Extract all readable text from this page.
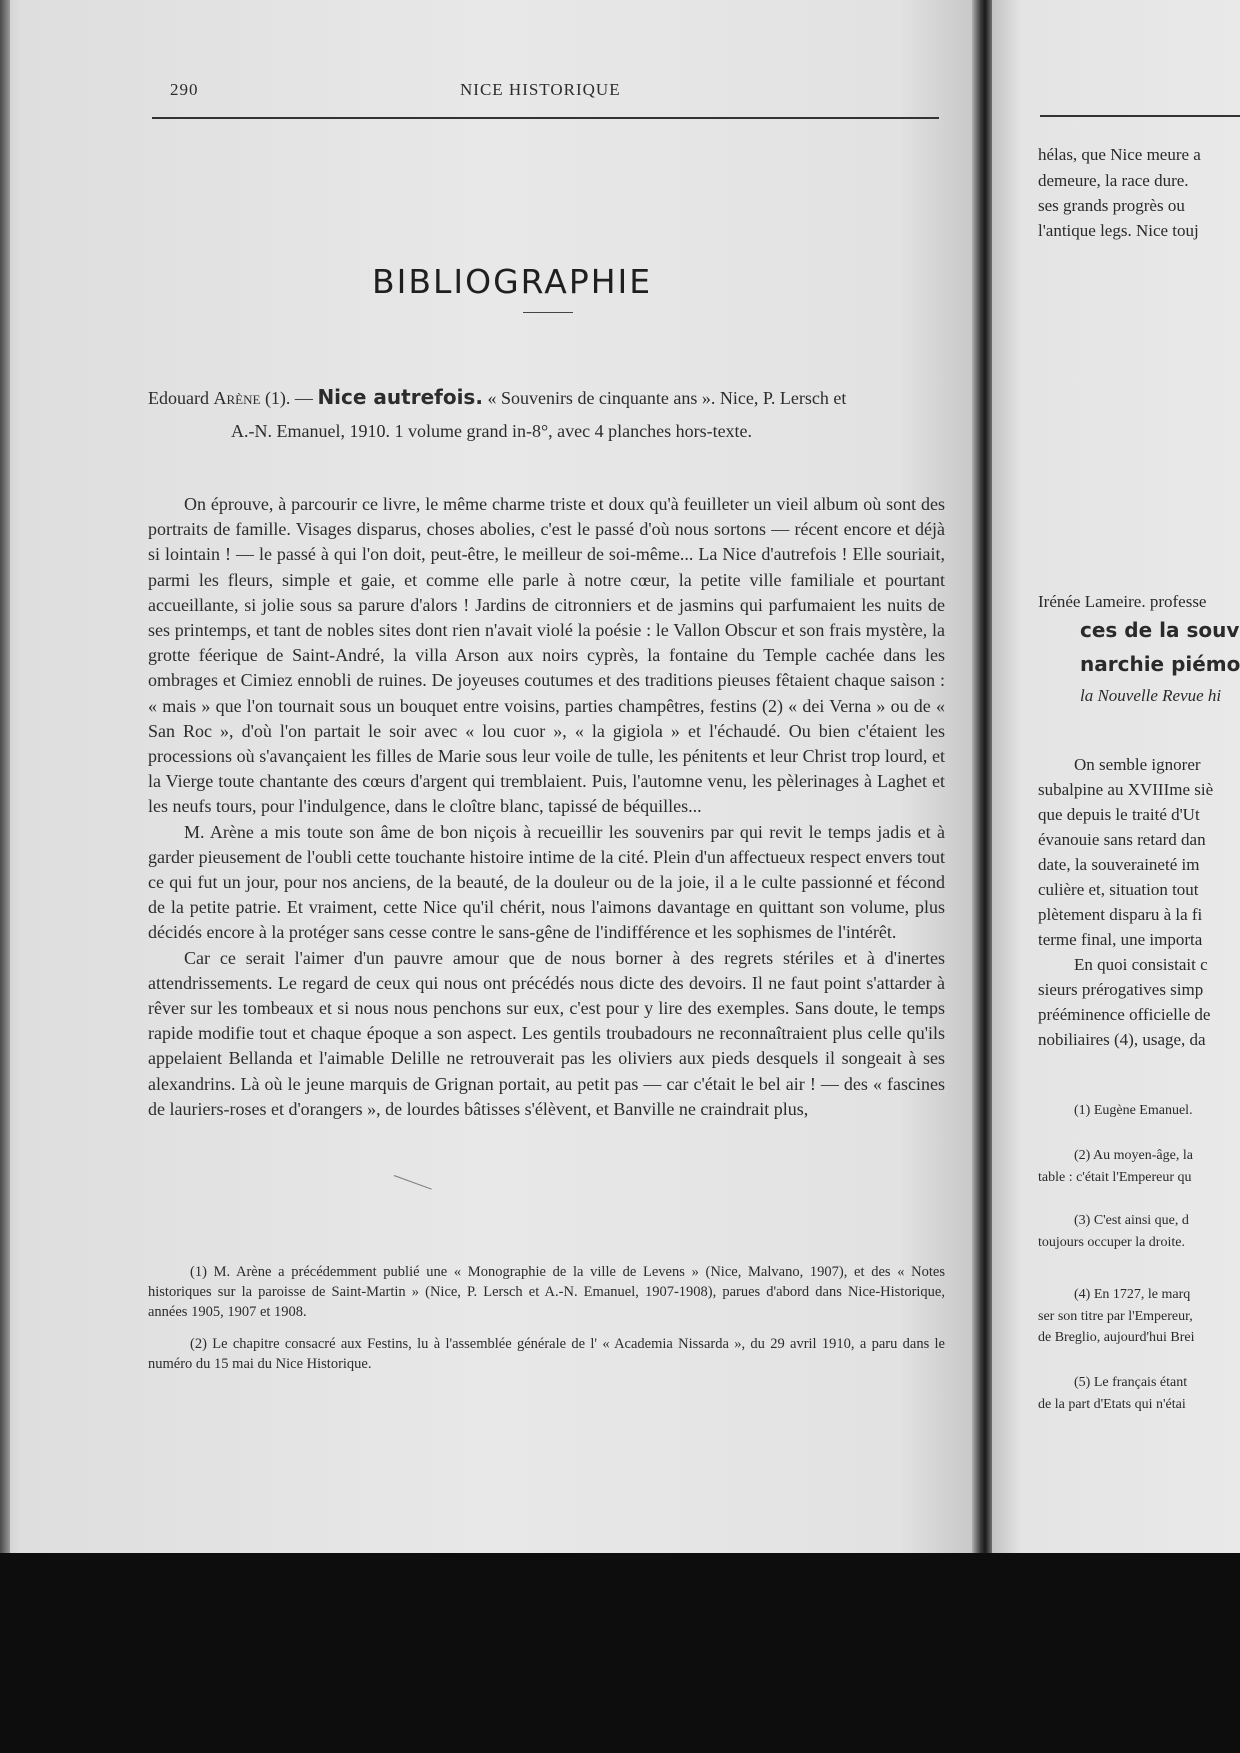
290	NICE HISTORIQUE
BIBLIOGRAPHIE
Edouard Arène (1). — Nice autrefois. « Souvenirs de cinquante ans ». Nice, P. Lersch et
A.-N. Emanuel, 1910. 1 volume grand in-8°, avec 4 planches hors-texte.

On éprouve, à parcourir ce livre, le même charme triste et doux qu'à feuilleter un vieil album où sont des portraits de famille. Visages disparus, choses abolies, c'est le passé d'où nous sortons — récent encore et déjà si lointain ! — le passé à qui l'on doit, peut-être, le meilleur de soi-même... La Nice d'autrefois ! Elle souriait, parmi les fleurs, simple et gaie, et comme elle parle à notre cœur, la petite ville familiale et pourtant accueillante, si jolie sous sa parure d'alors ! Jardins de citronniers et de jasmins qui parfumaient les nuits de ses printemps, et tant de nobles sites dont rien n'avait violé la poésie : le Vallon Obscur et son frais mystère, la grotte féerique de Saint-André, la villa Arson aux noirs cyprès, la fontaine du Temple cachée dans les ombrages et Cimiez ennobli de ruines. De joyeuses coutumes et des traditions pieuses fêtaient chaque saison : « mais » que l'on tournait sous un bouquet entre voisins, parties champêtres, festins (2) « dei Verna » ou de « San Roc », d'où l'on partait le soir avec « lou cuor », « la gigiola » et l'échaudé. Ou bien c'étaient les processions où s'avançaient les filles de Marie sous leur voile de tulle, les pénitents et leur Christ trop lourd, et la Vierge toute chantante des cœurs d'argent qui tremblaient. Puis, l'automne venu, les pèlerinages à Laghet et les neufs tours, pour l'indulgence, dans le cloître blanc, tapissé de béquilles...

M. Arène a mis toute son âme de bon niçois à recueillir les souvenirs par qui revit le temps jadis et à garder pieusement de l'oubli cette touchante histoire intime de la cité. Plein d'un affectueux respect envers tout ce qui fut un jour, pour nos anciens, de la beauté, de la douleur ou de la joie, il a le culte passionné et fécond de la petite patrie. Et vraiment, cette Nice qu'il chérit, nous l'aimons davantage en quittant son volume, plus décidés encore à la protéger sans cesse contre le sans-gêne de l'indifférence et les sophismes de l'intérêt.

Car ce serait l'aimer d'un pauvre amour que de nous borner à des regrets stériles et à d'inertes attendrissements. Le regard de ceux qui nous ont précédés nous dicte des devoirs. Il ne faut point s'attarder à rêver sur les tombeaux et si nous nous penchons sur eux, c'est pour y lire des exemples. Sans doute, le temps rapide modifie tout et chaque époque a son aspect. Les gentils troubadours ne reconnaîtraient plus celle qu'ils appelaient Bellanda et l'aimable Delille ne retrouverait pas les oliviers aux pieds desquels il songeait à ses alexandrins. Là où le jeune marquis de Grignan portait, au petit pas — car c'était le bel air ! — des « fascines de lauriers-roses et d'orangers », de lourdes bâtisses s'élèvent, et Banville ne craindrait plus,

(1) M. Arène a précédemment publié une « Monographie de la ville de Levens » (Nice, Malvano, 1907), et des « Notes historiques sur la paroisse de Saint-Martin » (Nice, P. Lersch et A.-N. Emanuel, 1907-1908), parues d'abord dans Nice-Historique, années 1905, 1907 et 1908.

(2) Le chapitre consacré aux Festins, lu à l'assemblée générale de l' « Academia Nissarda », du 29 avril 1910, a paru dans le numéro du 15 mai du Nice Historique.

hélas, que Nice meure a
demeure, la race dure.
ses grands progrès ou
l'antique legs. Nice touj
Irénée Lameire. professe
ces de la souv
narchie piémo
la Nouvelle Revue hi
On semble ignorer
subalpine au XVIIIme siè
que depuis le traité d'Ut
évanouie sans retard dan
date, la souveraineté im
culière et, situation tout
plètement disparu à la fi
terme final, une importa
En quoi consistait c
sieurs prérogatives simp
prééminence officielle de
nobiliaires (4), usage, da
(1) Eugène Emanuel.
(2) Au moyen-âge, la
table : c'était l'Empereur qu
(3) C'est ainsi que, d
toujours occuper la droite.
(4) En 1727, le marq
ser son titre par l'Empereur,
de Breglio, aujourd'hui Brei
(5) Le français étant
de la part d'Etats qui n'étai
